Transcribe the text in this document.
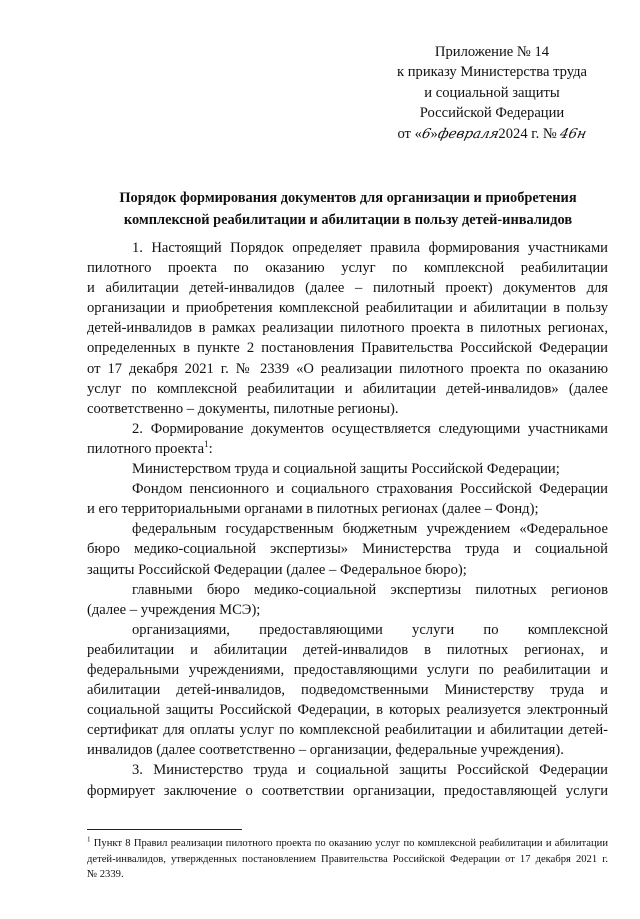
Приложение № 14
к приказу Министерства труда
и социальной защиты
Российской Федерации
от «6»февраля2024 г. № 46н
Порядок формирования документов для организации и приобретения
комплексной реабилитации и абилитации в пользу детей-инвалидов
1. Настоящий Порядок определяет правила формирования участниками
пилотного проекта по оказанию услуг по комплексной реабилитации
и абилитации детей-инвалидов (далее – пилотный проект) документов для
организации и приобретения комплексной реабилитации и абилитации в пользу
детей-инвалидов в рамках реализации пилотного проекта в пилотных регионах,
определенных в пункте 2 постановления Правительства Российской Федерации
от 17 декабря 2021 г. № 2339 «О реализации пилотного проекта по оказанию
услуг по комплексной реабилитации и абилитации детей-инвалидов» (далее
соответственно – документы, пилотные регионы).
2. Формирование документов осуществляется следующими участниками
пилотного проекта$^1$:
Министерством труда и социальной защиты Российской Федерации;
Фондом пенсионного и социального страхования Российской Федерации
и его территориальными органами в пилотных регионах (далее – Фонд);
федеральным государственным бюджетным учреждением «Федеральное
бюро медико-социальной экспертизы» Министерства труда и социальной
защиты Российской Федерации (далее – Федеральное бюро);
главными бюро медико-социальной экспертизы пилотных регионов
(далее – учреждения МСЭ);
организациями, предоставляющими услуги по комплексной
реабилитации и абилитации детей-инвалидов в пилотных регионах, и
федеральными учреждениями, предоставляющими услуги по реабилитации и
абилитации детей-инвалидов, подведомственными Министерству труда и
социальной защиты Российской Федерации, в которых реализуется электронный
сертификат для оплаты услуг по комплексной реабилитации и абилитации детей-
инвалидов (далее соответственно – организации, федеральные учреждения).
3. Министерство труда и социальной защиты Российской Федерации
формирует заключение о соответствии организации, предоставляющей услуги
$^1$ Пункт 8 Правил реализации пилотного проекта по оказанию услуг по комплексной реабилитации и абилитации
детей-инвалидов, утвержденных постановлением Правительства Российской Федерации от 17 декабря 2021 г.
№ 2339.
